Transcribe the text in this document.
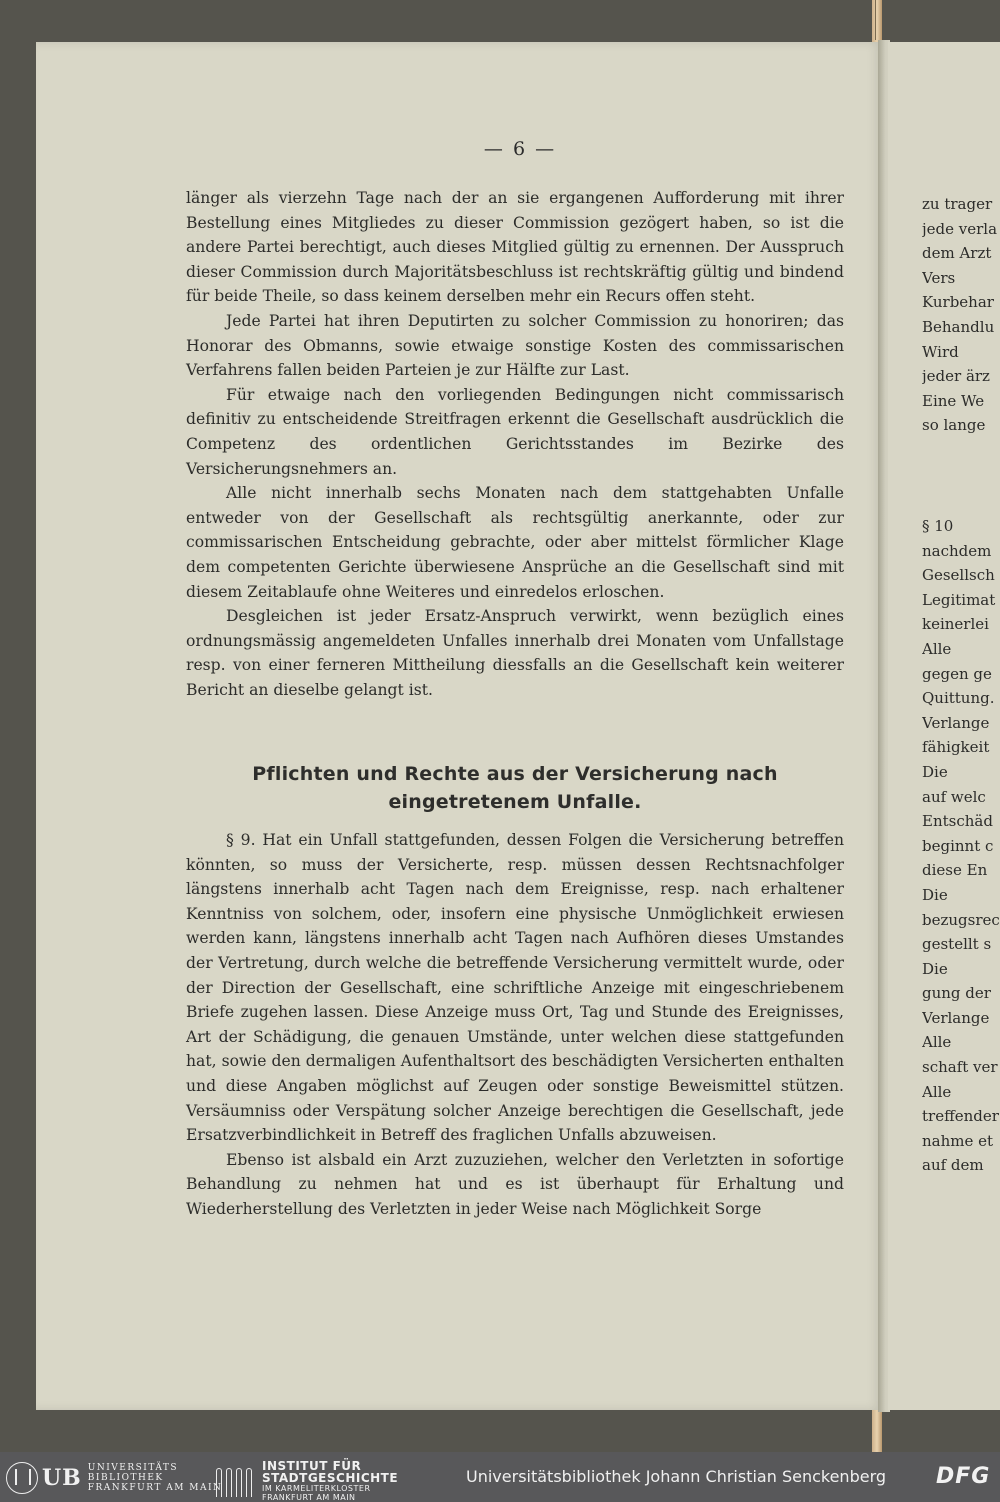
— 6 —

länger als vierzehn Tage nach der an sie ergangenen Aufforderung mit ihrer Bestellung eines Mitgliedes zu dieser Commission gezögert haben, so ist die andere Partei berechtigt, auch dieses Mitglied gültig zu ernennen. Der Ausspruch dieser Commission durch Majoritätsbeschluss ist rechtskräftig gültig und bindend für beide Theile, so dass keinem derselben mehr ein Recurs offen steht.

Jede Partei hat ihren Deputirten zu solcher Commission zu honoriren; das Honorar des Obmanns, sowie etwaige sonstige Kosten des commissarischen Verfahrens fallen beiden Parteien je zur Hälfte zur Last.

Für etwaige nach den vorliegenden Bedingungen nicht commissarisch definitiv zu entscheidende Streitfragen erkennt die Gesellschaft ausdrücklich die Competenz des ordentlichen Gerichtsstandes im Bezirke des Versicherungsnehmers an.

Alle nicht innerhalb sechs Monaten nach dem stattgehabten Unfalle entweder von der Gesellschaft als rechtsgültig anerkannte, oder zur commissarischen Entscheidung gebrachte, oder aber mittelst förmlicher Klage dem competenten Gerichte überwiesene Ansprüche an die Gesellschaft sind mit diesem Zeitablaufe ohne Weiteres und einredelos erloschen.

Desgleichen ist jeder Ersatz-Anspruch verwirkt, wenn bezüglich eines ordnungsmässig angemeldeten Unfalles innerhalb drei Monaten vom Unfallstage resp. von einer ferneren Mittheilung diessfalls an die Gesellschaft kein weiterer Bericht an dieselbe gelangt ist.

Pflichten und Rechte aus der Versicherung nach eingetretenem Unfalle.

§ 9. Hat ein Unfall stattgefunden, dessen Folgen die Versicherung betreffen könnten, so muss der Versicherte, resp. müssen dessen Rechtsnachfolger längstens innerhalb acht Tagen nach dem Ereignisse, resp. nach erhaltener Kenntniss von solchem, oder, insofern eine physische Unmöglichkeit erwiesen werden kann, längstens innerhalb acht Tagen nach Aufhören dieses Umstandes der Vertretung, durch welche die betreffende Versicherung vermittelt wurde, oder der Direction der Gesellschaft, eine schriftliche Anzeige mit eingeschriebenem Briefe zugehen lassen. Diese Anzeige muss Ort, Tag und Stunde des Ereignisses, Art der Schädigung, die genauen Umstände, unter welchen diese stattgefunden hat, sowie den dermaligen Aufenthaltsort des beschädigten Versicherten enthalten und diese Angaben möglichst auf Zeugen oder sonstige Beweismittel stützen. Versäumniss oder Verspätung solcher Anzeige berechtigen die Gesellschaft, jede Ersatzverbindlichkeit in Betreff des fraglichen Unfalls abzuweisen.

Ebenso ist alsbald ein Arzt zuzuziehen, welcher den Verletzten in sofortige Behandlung zu nehmen hat und es ist überhaupt für Erhaltung und Wiederherstellung des Verletzten in jeder Weise nach Möglichkeit Sorge

zu trager
jede verla
dem Arzt
Vers
Kurbehar
Behandlu
Wird
jeder ärz
Eine We
so lange
§ 10
nachdem
Gesellsch
Legitimat
keinerlei
Alle
gegen ge
Quittung.
Verlange
fähigkeit
Die
auf welc
Entschäd
beginnt c
diese En
Die
bezugsrec
gestellt s
Die
gung der
Verlange
Alle
schaft ver
Alle
treffender
nahme et
auf dem
UB UNIVERSITÄTS
BIBLIOTHEK
FRANKFURT AM MAIN
INSTITUT FÜR
STADTGESCHICHTE
IM KARMELITERKLOSTER
FRANKFURT AM MAIN
Universitätsbibliothek Johann Christian Senckenberg DFG
